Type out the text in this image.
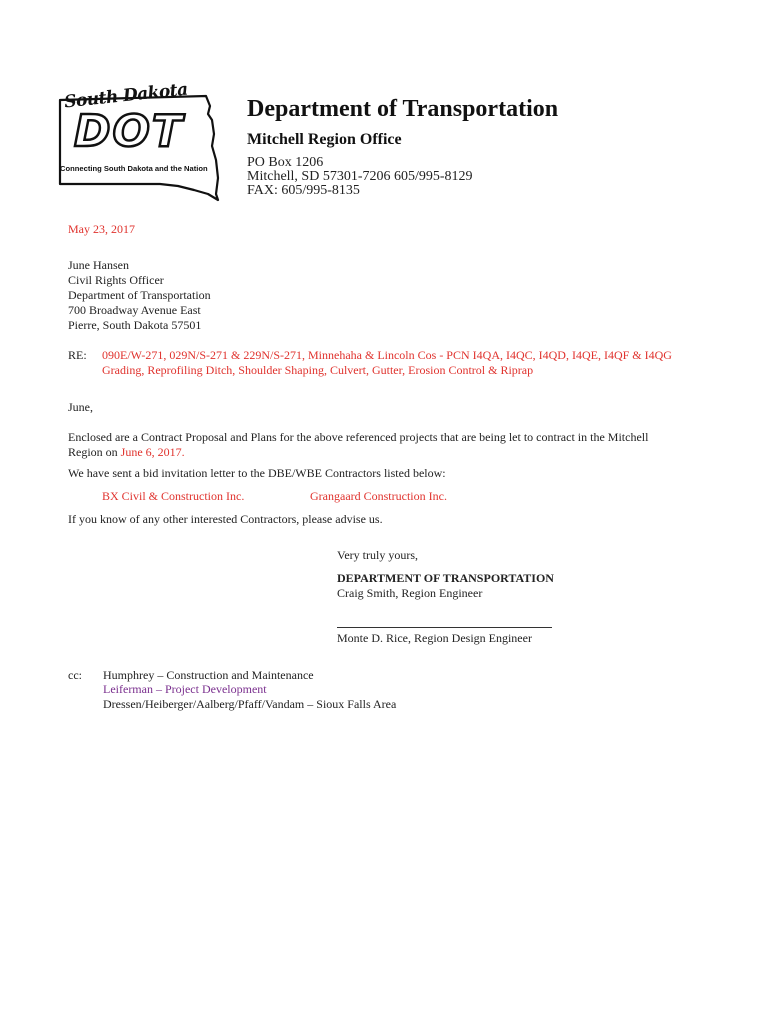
South Dakota
DOT
Connecting South Dakota and the Nation
Department of Transportation
Mitchell Region Office
PO Box 1206
Mitchell, SD 57301-7206 605/995-8129
FAX: 605/995-8135
May 23, 2017
June Hansen
Civil Rights Officer
Department of Transportation
700 Broadway Avenue East
Pierre, South Dakota 57501
RE: 090E/W-271, 029N/S-271 & 229N/S-271, Minnehaha & Lincoln Cos - PCN I4QA, I4QC, I4QD, I4QE, I4QF & I4QG
Grading, Reprofiling Ditch, Shoulder Shaping, Culvert, Gutter, Erosion Control & Riprap
June,
Enclosed are a Contract Proposal and Plans for the above referenced projects that are being let to contract in the Mitchell
Region on June 6, 2017.
We have sent a bid invitation letter to the DBE/WBE Contractors listed below:
BX Civil & Construction Inc.	Grangaard Construction Inc.
If you know of any other interested Contractors, please advise us.
Very truly yours,
DEPARTMENT OF TRANSPORTATION
Craig Smith, Region Engineer
Monte D. Rice, Region Design Engineer
cc: Humphrey – Construction and Maintenance
Leiferman – Project Development
Dressen/Heiberger/Aalberg/Pfaff/Vandam – Sioux Falls Area
